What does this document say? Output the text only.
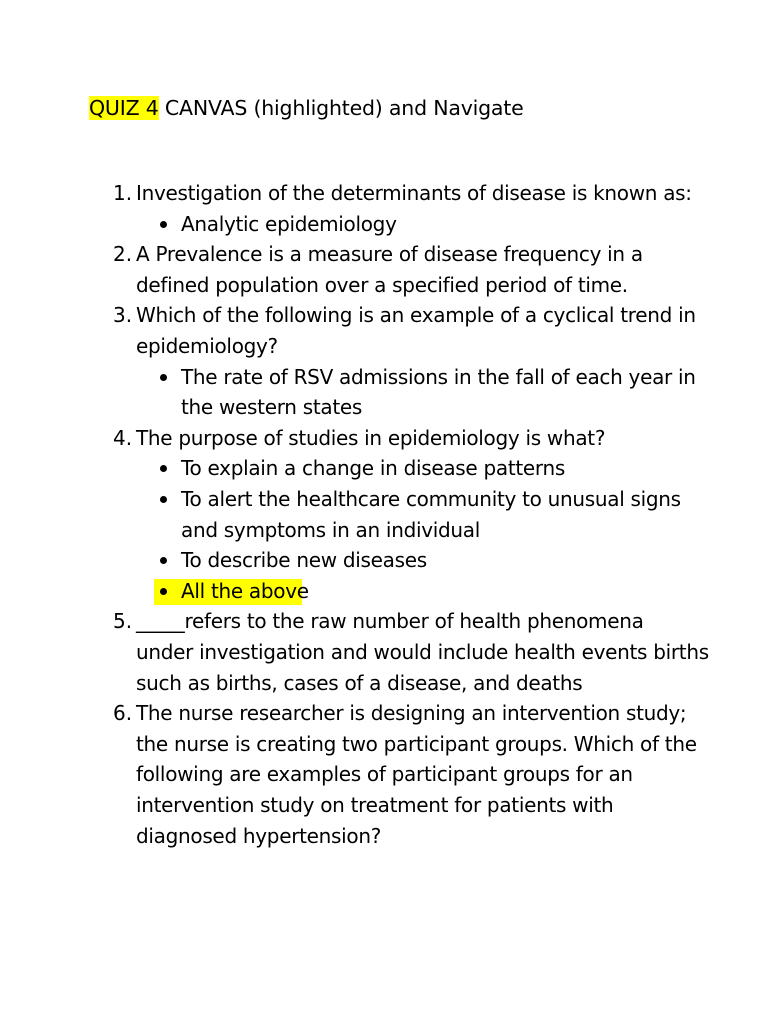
QUIZ 4 CANVAS (highlighted) and Navigate
1. Investigation of the determinants of disease is known as:
Analytic epidemiology
2. A Prevalence is a measure of disease frequency in a
defined population over a specified period of time.
3. Which of the following is an example of a cyclical trend in
epidemiology?
The rate of RSV admissions in the fall of each year in
the western states
4. The purpose of studies in epidemiology is what?
To explain a change in disease patterns
To alert the healthcare community to unusual signs
and symptoms in an individual
To describe new diseases
All the above
5. _____refers to the raw number of health phenomena
under investigation and would include health events births
such as births, cases of a disease, and deaths
6. The nurse researcher is designing an intervention study;
the nurse is creating two participant groups. Which of the
following are examples of participant groups for an
intervention study on treatment for patients with
diagnosed hypertension?
